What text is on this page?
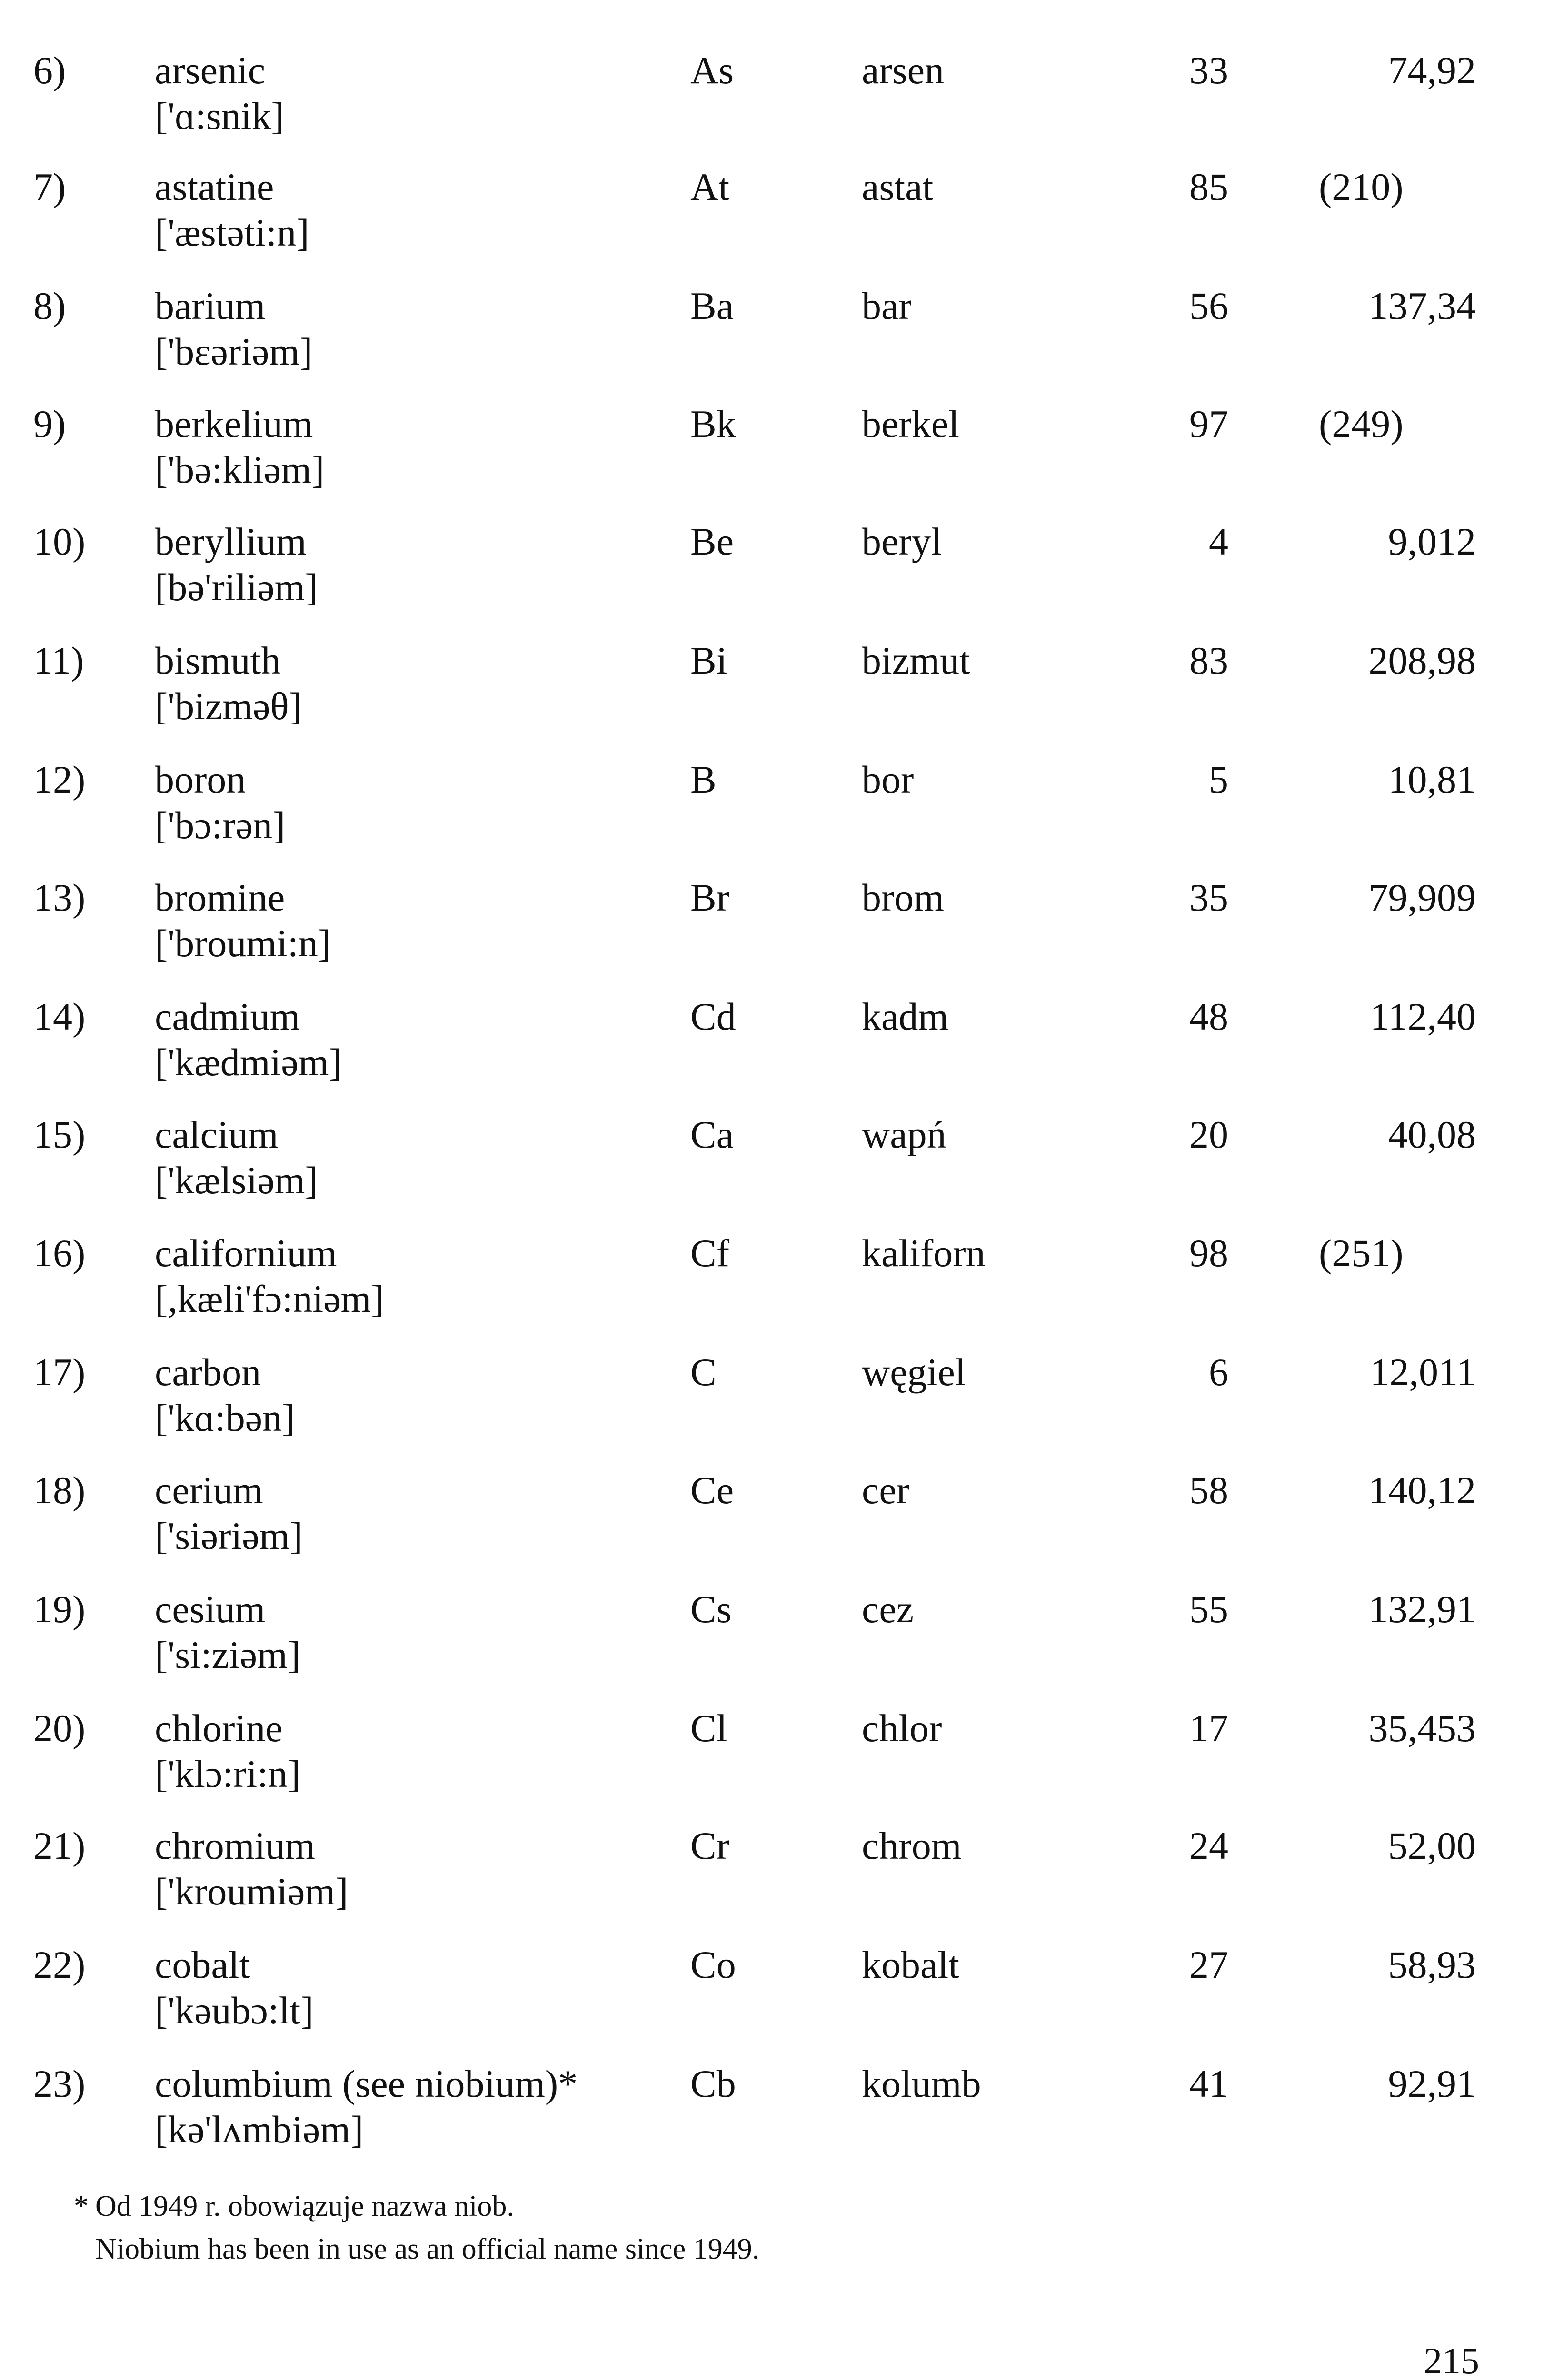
6) arsenic
['ɑ:snik]
As	arsen	33	74,92
7) astatine
['æstəti:n]
At	astat	85 (210)
8) barium
['bɛəriəm]
Ba	bar	56	137,34
9) berkelium
['bə:kliəm]
Bk	berkel	97 (249)
10) beryllium
[bə'riliəm]
Be	beryl	4	9,012
11) bismuth
['bizməθ]
Bi	bizmut	83	208,98
12) boron
['bɔ:rən]
B	bor	5	10,81
13) bromine
['broumi:n]
Br	brom	35	79,909
14) cadmium
['kædmiəm]
Cd	kadm	48	112,40
15) calcium
['kælsiəm]
Ca	wapń	20	40,08
16) californium
[,kæli'fɔ:niəm]
Cf	kaliforn	98 (251)
17) carbon
['kɑ:bən]
C	węgiel	6	12,011
18) cerium
['siəriəm]
Ce	cer	58	140,12
19) cesium
['si:ziəm]
Cs	cez	55	132,91
20) chlorine
['klɔ:ri:n]
Cl	chlor	17	35,453
21) chromium
['kroumiəm]
Cr	chrom	24	52,00
22) cobalt
['kəubɔ:lt]
Co	kobalt	27	58,93
23) columbium (see niobium)*
[kə'lʌmbiəm]
Cb	kolumb	41	92,91
* Od 1949 r. obowiązuje nazwa niob.
Niobium has been in use as an official name since 1949.
215
